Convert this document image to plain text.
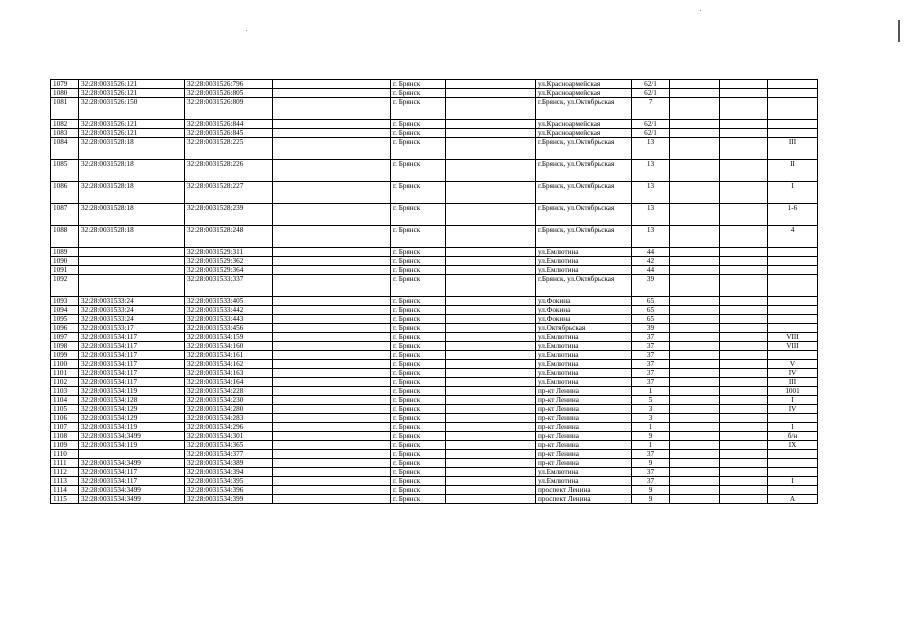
1079	32:28:0031526:121	32:28:0031526:796		г. Брянск		ул.Красноармейская	62/1			
1080	32:28:0031526:121	32:28:0031526:805		г. Брянск		ул.Красноармейская	62/1			
1081	32:28:0031526:150	32:28:0031526:809		г. Брянск		г.Брянск, ул.Октябрьская	7			
1082	32:28:0031526:121	32:28:0031526:844		г. Брянск		ул.Красноармейская	62/1			
1083	32:28:0031526:121	32:28:0031526:845		г. Брянск		ул.Красноармейская	62/1			
1084	32:28:0031528:18	32:28:0031528:225		г. Брянск		г.Брянск, ул.Октябрьская	13			III
1085	32:28:0031528:18	32:28:0031528:226		г. Брянск		г.Брянск, ул.Октябрьская	13			II
1086	32:28:0031528:18	32:28:0031528:227		г. Брянск		г.Брянск, ул.Октябрьская	13			I
1087	32:28:0031528:18	32:28:0031528:239		г. Брянск		г.Брянск, ул.Октябрьская	13			1-6
1088	32:28:0031528:18	32:28:0031528:248		г. Брянск		г.Брянск, ул.Октябрьская	13			4
1089		32:28:0031529:311		г. Брянск		ул.Емлютина	44			
1090		32:28:0031529:362		г. Брянск		ул.Емлютина	42			
1091		32:28:0031529:364		г. Брянск		ул.Емлютина	44			
1092		32:28:0031533:337		г. Брянск		г.Брянск, ул.Октябрьская	39			
1093	32:28:0031533:24	32:28:0031533:405		г. Брянск		ул.Фокина	65			
1094	32:28:0031533:24	32:28:0031533:442		г. Брянск		ул.Фокина	65			
1095	32:28:0031533:24	32:28:0031533:443		г. Брянск		ул.Фокина	65			
1096	32:28:0031533:17	32:28:0031533:456		г. Брянск		ул.Октябрьская	39			
1097	32:28:0031534:117	32:28:0031534:159		г. Брянск		ул.Емлютина	37			VIII
1098	32:28:0031534:117	32:28:0031534:160		г. Брянск		ул.Емлютина	37			VIII
1099	32:28:0031534:117	32:28:0031534:161		г. Брянск		ул.Емлютина	37			
1100	32:28:0031534:117	32:28:0031534:162		г. Брянск		ул.Емлютина	37			V
1101	32:28:0031534:117	32:28:0031534:163		г. Брянск		ул.Емлютина	37			IV
1102	32:28:0031534:117	32:28:0031534:164		г. Брянск		ул.Емлютина	37			III
1103	32:28:0031534:119	32:28:0031534:228		г. Брянск		пр-кт Ленина	1			1001
1104	32:28:0031534:128	32:28:0031534:230		г. Брянск		пр-кт Ленина	5			I
1105	32:28:0031534:129	32:28:0031534:280		г. Брянск		пр-кт Ленина	3			IV
1106	32:28:0031534:129	32:28:0031534:283		г. Брянск		пр-кт Ленина	3			
1107	32:28:0031534:119	32:28:0031534:296		г. Брянск		пр-кт Ленина	1			I
1108	32:28:0031534:3499	32:28:0031534:301		г. Брянск		пр-кт Ленина	9			б/н
1109	32:28:0031534:119	32:28:0031534:365		г. Брянск		пр-кт Ленина	1			IX
1110		32:28:0031534:377		г. Брянск		пр-кт Ленина	37			
1111	32:28:0031534:3499	32:28:0031534:389		г. Брянск		пр-кт Ленина	9			
1112	32:28:0031534:117	32:28:0031534:394		г. Брянск		ул.Емлютина	37			
1113	32:28:0031534:117	32:28:0031534:395		г. Брянск		ул.Емлютина	37			I
1114	32:28:0031534:3499	32:28:0031534:396		г. Брянск		проспект Ленина	9			
1115	32:28:0031534:3499	32:28:0031534:399		г. Брянск		проспект Ленина	9			А
